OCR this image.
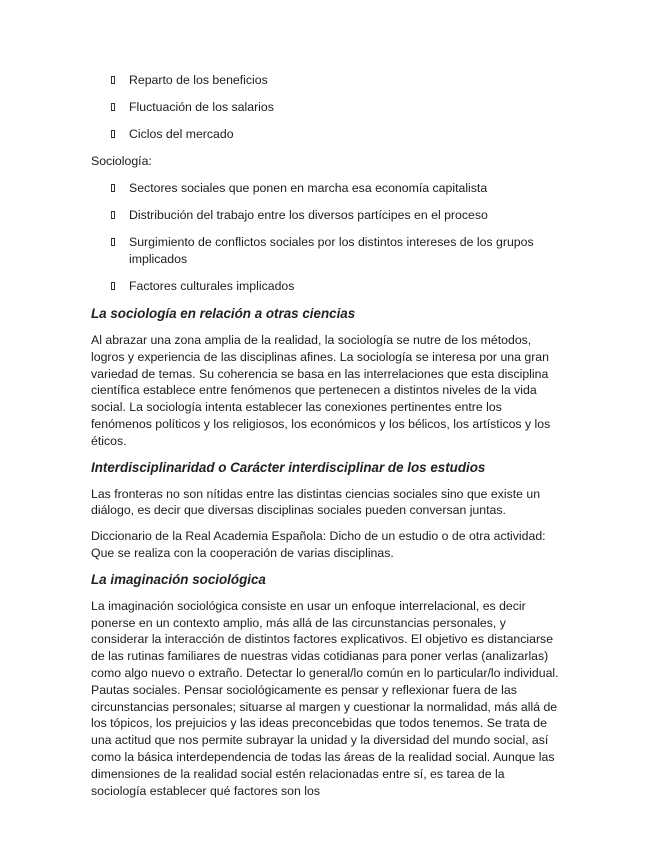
Reparto de los beneficios
Fluctuación de los salarios
Ciclos del mercado

Sociología:

Sectores sociales que ponen en marcha esa economía capitalista
Distribución del trabajo entre los diversos partícipes en el proceso
Surgimiento de conflictos sociales por los distintos intereses de los grupos implicados
Factores culturales implicados
La sociología en relación a otras ciencias

Al abrazar una zona amplia de la realidad, la sociología se nutre de los métodos, logros y experiencia de las disciplinas afines. La sociología se interesa por una gran variedad de temas. Su coherencia se basa en las interrelaciones que esta disciplina científica establece entre fenómenos que pertenecen a distintos niveles de la vida social. La sociología intenta establecer las conexiones pertinentes entre los fenómenos políticos y los religiosos, los económicos y los bélicos, los artísticos y los éticos.

Interdisciplinaridad o Carácter interdisciplinar de los estudios

Las fronteras no son nítidas entre las distintas ciencias sociales sino que existe un diálogo, es decir que diversas disciplinas sociales pueden conversan juntas.

Diccionario de la Real Academia Española: Dicho de un estudio o de otra actividad: Que se realiza con la cooperación de varias disciplinas.

La imaginación sociológica

La imaginación sociológica consiste en usar un enfoque interrelacional, es decir ponerse en un contexto amplio, más allá de las circunstancias personales, y considerar la interacción de distintos factores explicativos. El objetivo es distanciarse de las rutinas familiares de nuestras vidas cotidianas para poner verlas (analizarlas) como algo nuevo o extraño. Detectar lo general/lo común en lo particular/lo individual. Pautas sociales. Pensar sociológicamente es pensar y reflexionar fuera de las circunstancias personales; situarse al margen y cuestionar la normalidad, más allá de los tópicos, los prejuicios y las ideas preconcebidas que todos tenemos. Se trata de una actitud que nos permite subrayar la unidad y la diversidad del mundo social, así como la básica interdependencia de todas las áreas de la realidad social. Aunque las dimensiones de la realidad social estén relacionadas entre sí, es tarea de la sociología establecer qué factores son los
